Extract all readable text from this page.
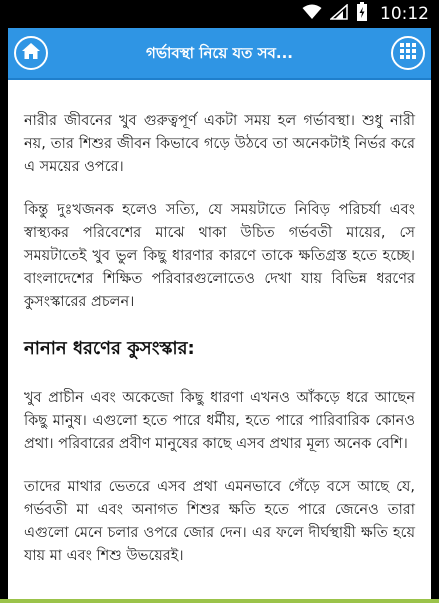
10:12
গর্ভাবস্থা নিয়ে যত সব...

নারীর জীবনের খুব গুরুত্বপূর্ণ একটা সময় হল গর্ভাবস্থা। শুধু নারী নয়, তার শিশুর জীবন কিভাবে গড়ে উঠবে তা অনেকটাই নির্ভর করে এ সময়ের ওপরে।

কিন্তু দুঃখজনক হলেও সত্যি, যে সময়টাতে নিবিড় পরিচর্যা এবং স্বাস্থ্যকর পরিবেশের মাঝে থাকা উচিত গর্ভবতী মায়ের, সে সময়টাতেই খুব ভুল কিছু ধারণার কারণে তাকে ক্ষতিগ্রস্ত হতে হচ্ছে। বাংলাদেশের শিক্ষিত পরিবারগুলোতেও দেখা যায় বিভিন্ন ধরণের কুসংস্কারের প্রচলন।

নানান ধরণের কুসংস্কার:

খুব প্রাচীন এবং অকেজো কিছু ধারণা এখনও আঁকড়ে ধরে আছেন কিছু মানুষ। এগুলো হতে পারে ধর্মীয়, হতে পারে পারিবারিক কোনও প্রথা। পরিবারের প্রবীণ মানুষের কাছে এসব প্রথার মূল্য অনেক বেশি।

তাদের মাথার ভেতরে এসব প্রথা এমনভাবে গেঁড়ে বসে আছে যে, গর্ভবতী মা এবং অনাগত শিশুর ক্ষতি হতে পারে জেনেও তারা এগুলো মেনে চলার ওপরে জোর দেন। এর ফলে দীর্ঘস্থায়ী ক্ষতি হয়ে যায় মা এবং শিশু উভয়েরই।
